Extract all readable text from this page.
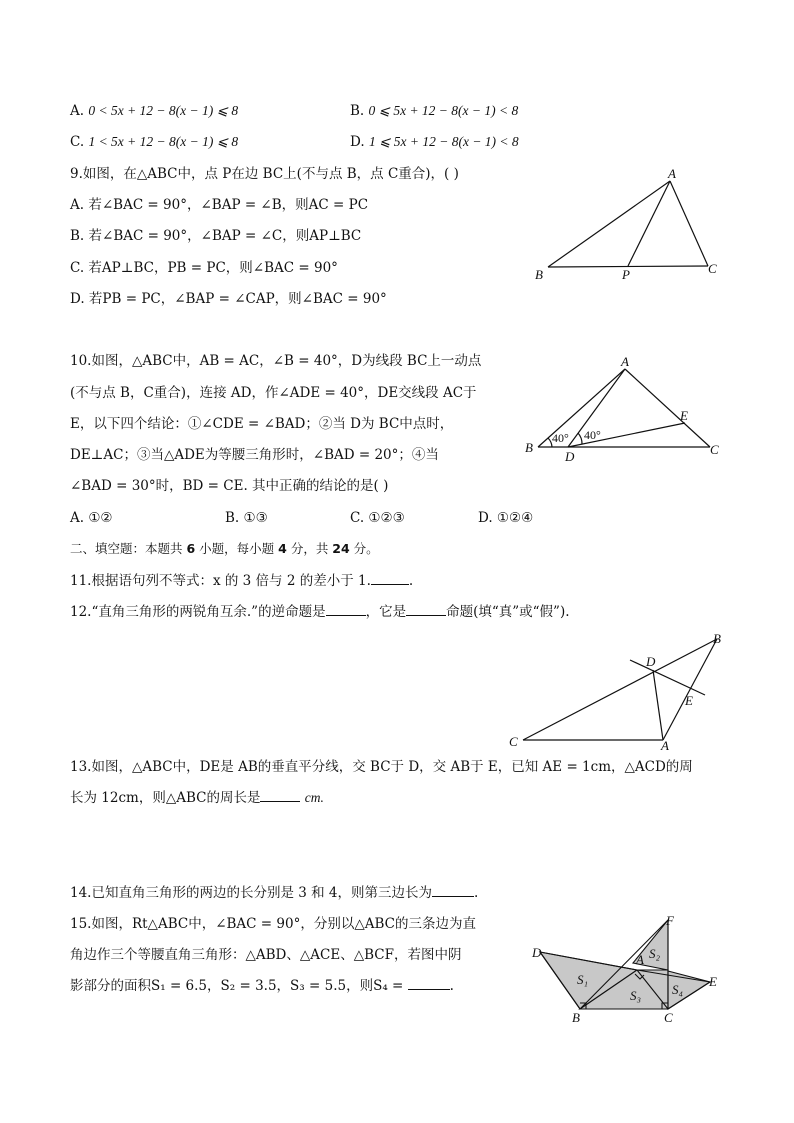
A. 0 < 5x + 12 − 8(x − 1) ⩽ 8	B. 0 ⩽ 5x + 12 − 8(x − 1) < 8
C. 1 < 5x + 12 − 8(x − 1) ⩽ 8	D. 1 ⩽ 5x + 12 − 8(x − 1) < 8
9.如图，在△ABC中，点 P在边 BC上(不与点 B，点 C重合)，( )
A. 若∠BAC = 90°，∠BAP = ∠B，则AC = PC
B. 若∠BAC = 90°，∠BAP = ∠C，则AP⊥BC
C. 若AP⊥BC，PB = PC，则∠BAC = 90°
D. 若PB = PC，∠BAP = ∠CAP，则∠BAC = 90°
A
B	C
P
10.如图，△ABC中，AB = AC，∠B = 40°，D为线段 BC上一动点
(不与点 B，C重合)，连接 AD，作∠ADE = 40°，DE交线段 AC于
E，以下四个结论：①∠CDE = ∠BAD；②当 D为 BC中点时，
DE⊥AC；③当△ADE为等腰三角形时，∠BAD = 20°；④当
∠BAD = 30°时，BD = CE. 其中正确的结论的是( )
A. ①②	B. ①③	C. ①②③	D. ①②④
A
B	C
D
E
40° 40°
二、填空题：本题共 6 小题，每小题 4 分，共 24 分。
11.根据语句列不等式：x 的 3 倍与 2 的差小于 1.	.
12.“直角三角形的两锐角互余.”的逆命题是	，它是	命题(填“真”或“假”).
A
B
C
D
E
13.如图，△ABC中，DE是 AB的垂直平分线，交 BC于 D，交 AB于 E，已知 AE = 1cm，△ACD的周
长为 12cm，则△ABC的周长是	cm.
14.已知直角三角形的两边的长分别是 3 和 4，则第三边长为	.
15.如图，Rt△ABC中，∠BAC = 90°，分别以△ABC的三条边为直
角边作三个等腰直角三角形：△ABD、△ACE、△BCF，若图中阴
影部分的面积S₁ = 6.5，S₂ = 3.5，S₃ = 5.5，则S₄ =	.
A
B	C
D
E
F
S₁
S₂
S₃ S₄
